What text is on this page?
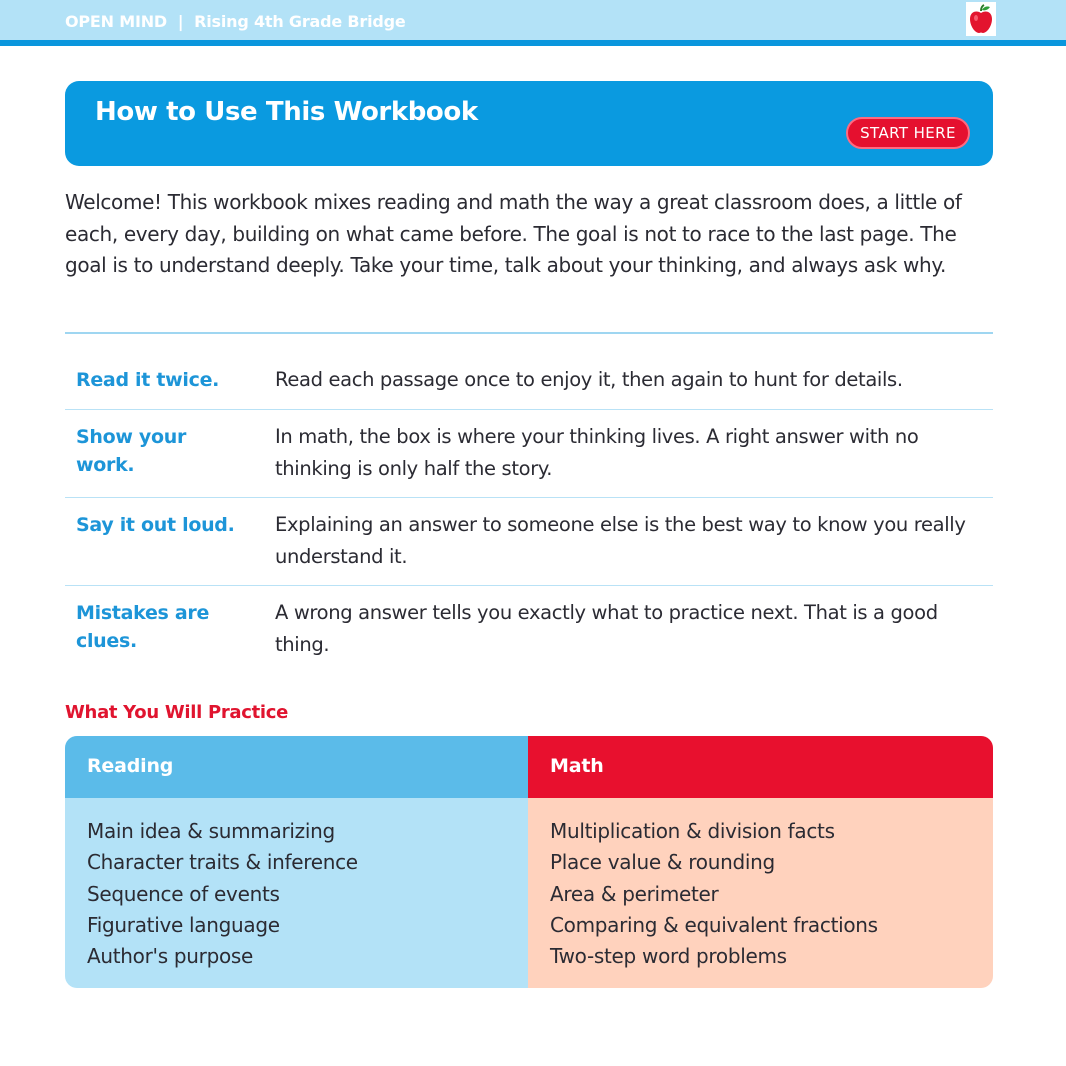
OPEN MIND | Rising 4th Grade Bridge
How to Use This Workbook
START HERE

Welcome! This workbook mixes reading and math the way a great classroom does, a little of each, every day, building on what came before. The goal is not to race to the last page. The goal is to understand deeply. Take your time, talk about your thinking, and always ask why.

Read it twice.	Read each passage once to enjoy it, then again to hunt for details.
Show your work.
In math, the box is where your thinking lives. A right answer with no thinking is only half the story.
Say it out loud.	Explaining an answer to someone else is the best way to know you really understand it.
Mistakes are clues.
A wrong answer tells you exactly what to practice next. That is a good thing.
What You Will Practice
Reading
Main idea & summarizing
Character traits & inference
Sequence of events
Figurative language
Author's purpose
Math
Multiplication & division facts
Place value & rounding
Area & perimeter
Comparing & equivalent fractions
Two-step word problems
